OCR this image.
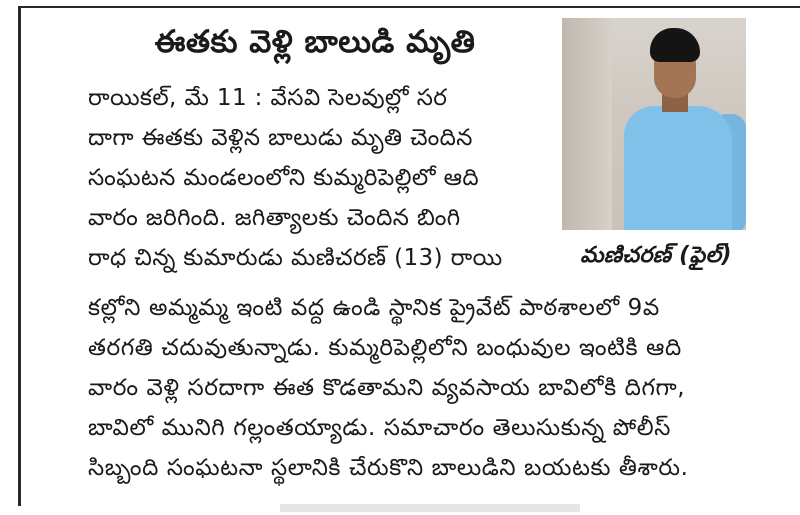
ఈతకు వెళ్లి బాలుడి మృతి
రాయికల్, మే 11 : వేసవి సెలవుల్లో సర
దాగా ఈతకు వెళ్లిన బాలుడు మృతి చెందిన
సంఘటన మండలంలోని కుమ్మరిపెల్లిలో ఆది
వారం జరిగింది. జగిత్యాలకు చెందిన బింగి
రాధ చిన్న కుమారుడు మణిచరణ్ (13) రాయి
కల్లోని అమ్మమ్మ ఇంటి వద్ద ఉండి స్థానిక ప్రైవేట్ పాఠశాలలో 9వ
తరగతి చదువుతున్నాడు. కుమ్మరిపెల్లిలోని బంధువుల ఇంటికి ఆది
వారం వెళ్లి సరదాగా ఈత కొడతామని వ్యవసాయ బావిలోకి దిగగా,
బావిలో మునిగి గల్లంతయ్యాడు. సమాచారం తెలుసుకున్న పోలీస్
సిబ్బంది సంఘటనా స్థలానికి చేరుకొని బాలుడిని బయటకు తీశారు.
మణిచరణ్ (ఫైల్)
